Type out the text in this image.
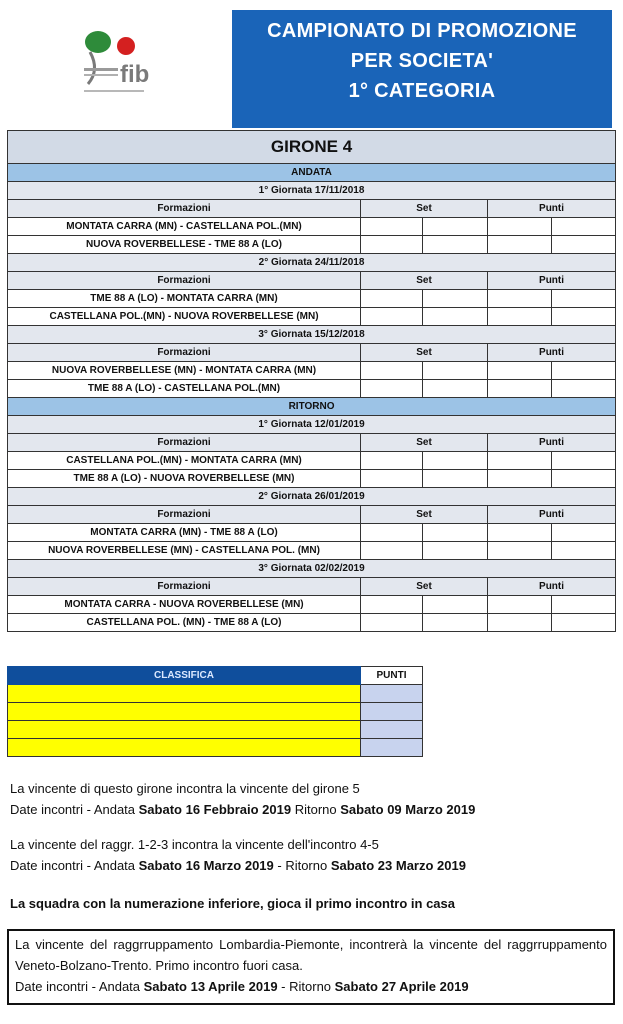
fib
CAMPIONATO DI PROMOZIONE
PER SOCIETA'
1° CATEGORIA
GIRONE 4				
ANDATA				
1° Giornata 17/11/2018				
Formazioni	Set		Punti	
MONTATA CARRA (MN) - CASTELLANA POL.(MN)				
NUOVA ROVERBELLESE - TME 88 A (LO)				
2° Giornata 24/11/2018				
Formazioni	Set		Punti	
TME 88 A (LO) - MONTATA CARRA (MN)				
CASTELLANA POL.(MN) - NUOVA ROVERBELLESE (MN)				
3° Giornata 15/12/2018				
Formazioni	Set		Punti	
NUOVA ROVERBELLESE (MN) - MONTATA CARRA (MN)				
TME 88 A (LO) - CASTELLANA POL.(MN)				
RITORNO				
1° Giornata 12/01/2019				
Formazioni	Set		Punti	
CASTELLANA POL.(MN) - MONTATA CARRA (MN)				
TME 88 A (LO) - NUOVA ROVERBELLESE (MN)				
2° Giornata 26/01/2019				
Formazioni	Set		Punti	
MONTATA CARRA (MN) - TME 88 A (LO)				
NUOVA ROVERBELLESE (MN) - CASTELLANA POL. (MN)				
3° Giornata 02/02/2019				
Formazioni	Set		Punti	
MONTATA CARRA - NUOVA ROVERBELLESE (MN)				
CASTELLANA POL. (MN) - TME 88 A (LO)				
CLASSIFICA	PUNTI

La vincente di questo girone incontra la vincente del girone 5
Date incontri - Andata Sabato 16 Febbraio 2019 Ritorno Sabato 09 Marzo 2019
La vincente del raggr. 1-2-3 incontra la vincente dell'incontro 4-5
Date incontri - Andata Sabato 16 Marzo 2019 - Ritorno Sabato 23 Marzo 2019
La squadra con la numerazione inferiore, gioca il primo incontro in casa
La vincente del raggrruppamento Lombardia-Piemonte, incontrerà la vincente del raggrruppamento Veneto-Bolzano-Trento. Primo incontro fuori casa.
Date incontri - Andata Sabato 13 Aprile 2019 - Ritorno Sabato 27 Aprile 2019
